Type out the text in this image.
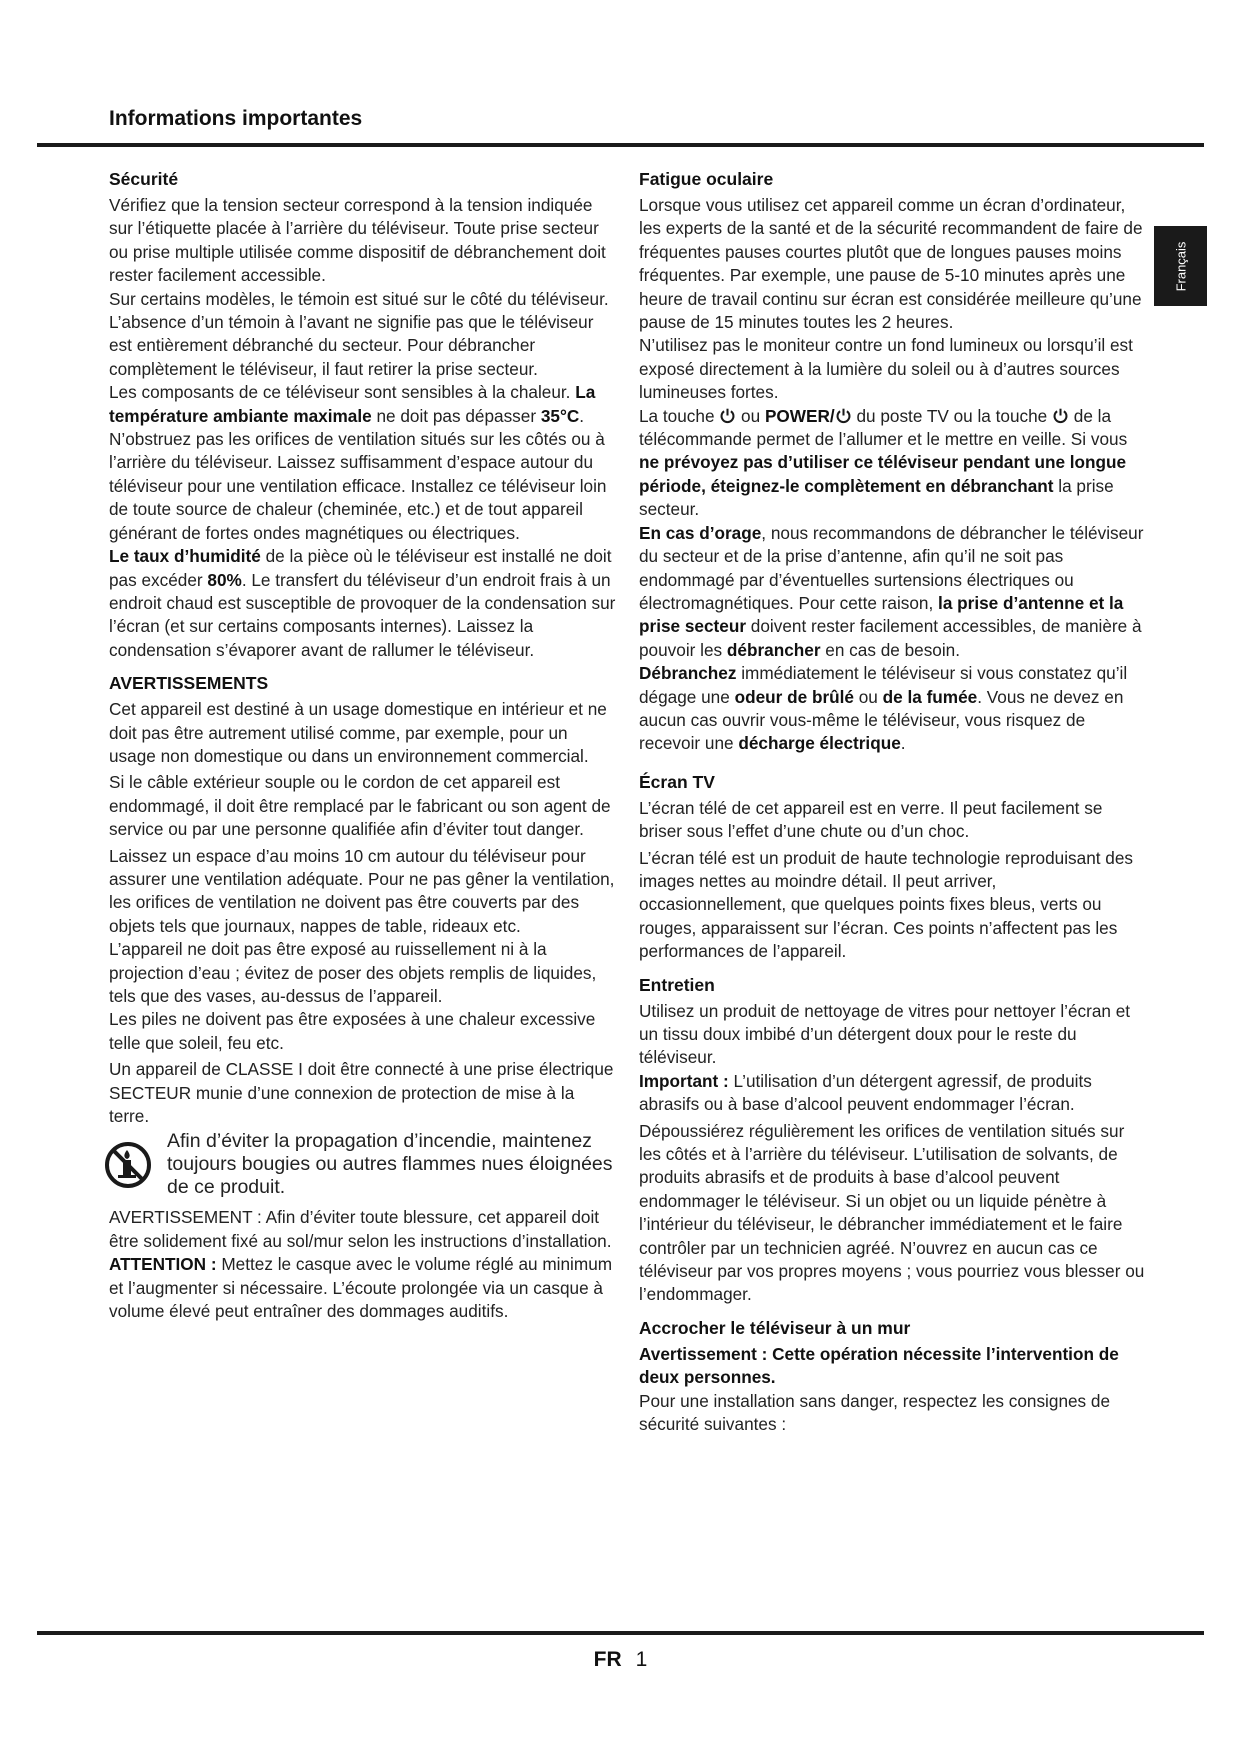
Informations importantes
Français
Sécurité

Vérifiez que la tension secteur correspond à la tension indiquée sur l’étiquette placée à l’arrière du téléviseur. Toute prise secteur ou prise multiple utilisée comme dispositif de débranchement doit rester facilement accessible.

Sur certains modèles, le témoin est situé sur le côté du téléviseur. L’absence d’un témoin à l’avant ne signifie pas que le téléviseur est entièrement débranché du secteur. Pour débrancher complètement le téléviseur, il faut retirer la prise secteur.

Les composants de ce téléviseur sont sensibles à la chaleur. La température ambiante maximale ne doit pas dépasser 35°C. N’obstruez pas les orifices de ventilation situés sur les côtés ou à l’arrière du téléviseur. Laissez suffisamment d’espace autour du téléviseur pour une ventilation efficace. Installez ce téléviseur loin de toute source de chaleur (cheminée, etc.) et de tout appareil générant de fortes ondes magnétiques ou électriques.

Le taux d’humidité de la pièce où le téléviseur est installé ne doit pas excéder 80%. Le transfert du téléviseur d’un endroit frais à un endroit chaud est susceptible de provoquer de la condensation sur l’écran (et sur certains composants internes). Laissez la condensation s’évaporer avant de rallumer le téléviseur.

AVERTISSEMENTS

Cet appareil est destiné à un usage domestique en intérieur et ne doit pas être autrement utilisé comme, par exemple, pour un usage non domestique ou dans un environnement commercial.

Si le câble extérieur souple ou le cordon de cet appareil est endommagé, il doit être remplacé par le fabricant ou son agent de service ou par une personne qualifiée afin d’éviter tout danger.

Laissez un espace d’au moins 10 cm autour du téléviseur pour assurer une ventilation adéquate. Pour ne pas gêner la ventilation, les orifices de ventilation ne doivent pas être couverts par des objets tels que journaux, nappes de table, rideaux etc.

L’appareil ne doit pas être exposé au ruissellement ni à la projection d’eau ; évitez de poser des objets remplis de liquides, tels que des vases, au-dessus de l’appareil.

Les piles ne doivent pas être exposées à une chaleur excessive telle que soleil, feu etc.

Un appareil de CLASSE I doit être connecté à une prise électrique SECTEUR munie d’une connexion de protection de mise à la terre.

Afin d’éviter la propagation d’incendie, maintenez toujours bougies ou autres flammes nues éloignées de ce produit.

AVERTISSEMENT : Afin d’éviter toute blessure, cet appareil doit être solidement fixé au sol/mur selon les instructions d’installation.

ATTENTION : Mettez le casque avec le volume réglé au minimum et l’augmenter si nécessaire. L’écoute prolongée via un casque à volume élevé peut entraîner des dommages auditifs.

Fatigue oculaire

Lorsque vous utilisez cet appareil comme un écran d’ordinateur, les experts de la santé et de la sécurité recommandent de faire de fréquentes pauses courtes plutôt que de longues pauses moins fréquentes. Par exemple, une pause de 5-10 minutes après une heure de travail continu sur écran est considérée meilleure qu’une pause de 15 minutes toutes les 2 heures.

N’utilisez pas le moniteur contre un fond lumineux ou lorsqu’il est exposé directement à la lumière du soleil ou à d’autres sources lumineuses fortes.

La touche  ou POWER/ du poste TV ou la touche  de la télécommande permet de l’allumer et le mettre en veille. Si vous ne prévoyez pas d’utiliser ce téléviseur pendant une longue période, éteignez-le complètement en débranchant la prise secteur.

En cas d’orage, nous recommandons de débrancher le téléviseur du secteur et de la prise d’antenne, afin qu’il ne soit pas endommagé par d’éventuelles surtensions électriques ou électromagnétiques. Pour cette raison, la prise d’antenne et la prise secteur doivent rester facilement accessibles, de manière à pouvoir les débrancher en cas de besoin.

Débranchez immédiatement le téléviseur si vous constatez qu’il dégage une odeur de brûlé ou de la fumée. Vous ne devez en aucun cas ouvrir vous-même le téléviseur, vous risquez de recevoir une décharge électrique.

Écran TV

L’écran télé de cet appareil est en verre. Il peut facilement se briser sous l’effet d’une chute ou d’un choc.

L’écran télé est un produit de haute technologie reproduisant des images nettes au moindre détail. Il peut arriver, occasionnellement, que quelques points fixes bleus, verts ou rouges, apparaissent sur l’écran. Ces points n’affectent pas les performances de l’appareil.

Entretien

Utilisez un produit de nettoyage de vitres pour nettoyer l’écran et un tissu doux imbibé d’un détergent doux pour le reste du téléviseur.

Important : L’utilisation d’un détergent agressif, de produits abrasifs ou à base d’alcool peuvent endommager l’écran.

Dépoussiérez régulièrement les orifices de ventilation situés sur les côtés et à l’arrière du téléviseur. L’utilisation de solvants, de produits abrasifs et de produits à base d’alcool peuvent endommager le téléviseur. Si un objet ou un liquide pénètre à l’intérieur du téléviseur, le débrancher immédiatement et le faire contrôler par un technicien agréé. N’ouvrez en aucun cas ce téléviseur par vos propres moyens ; vous pourriez vous blesser ou l’endommager.

Accrocher le téléviseur à un mur

Avertissement : Cette opération nécessite l’intervention de deux personnes.

Pour une installation sans danger, respectez les consignes de sécurité suivantes :

FR 1
